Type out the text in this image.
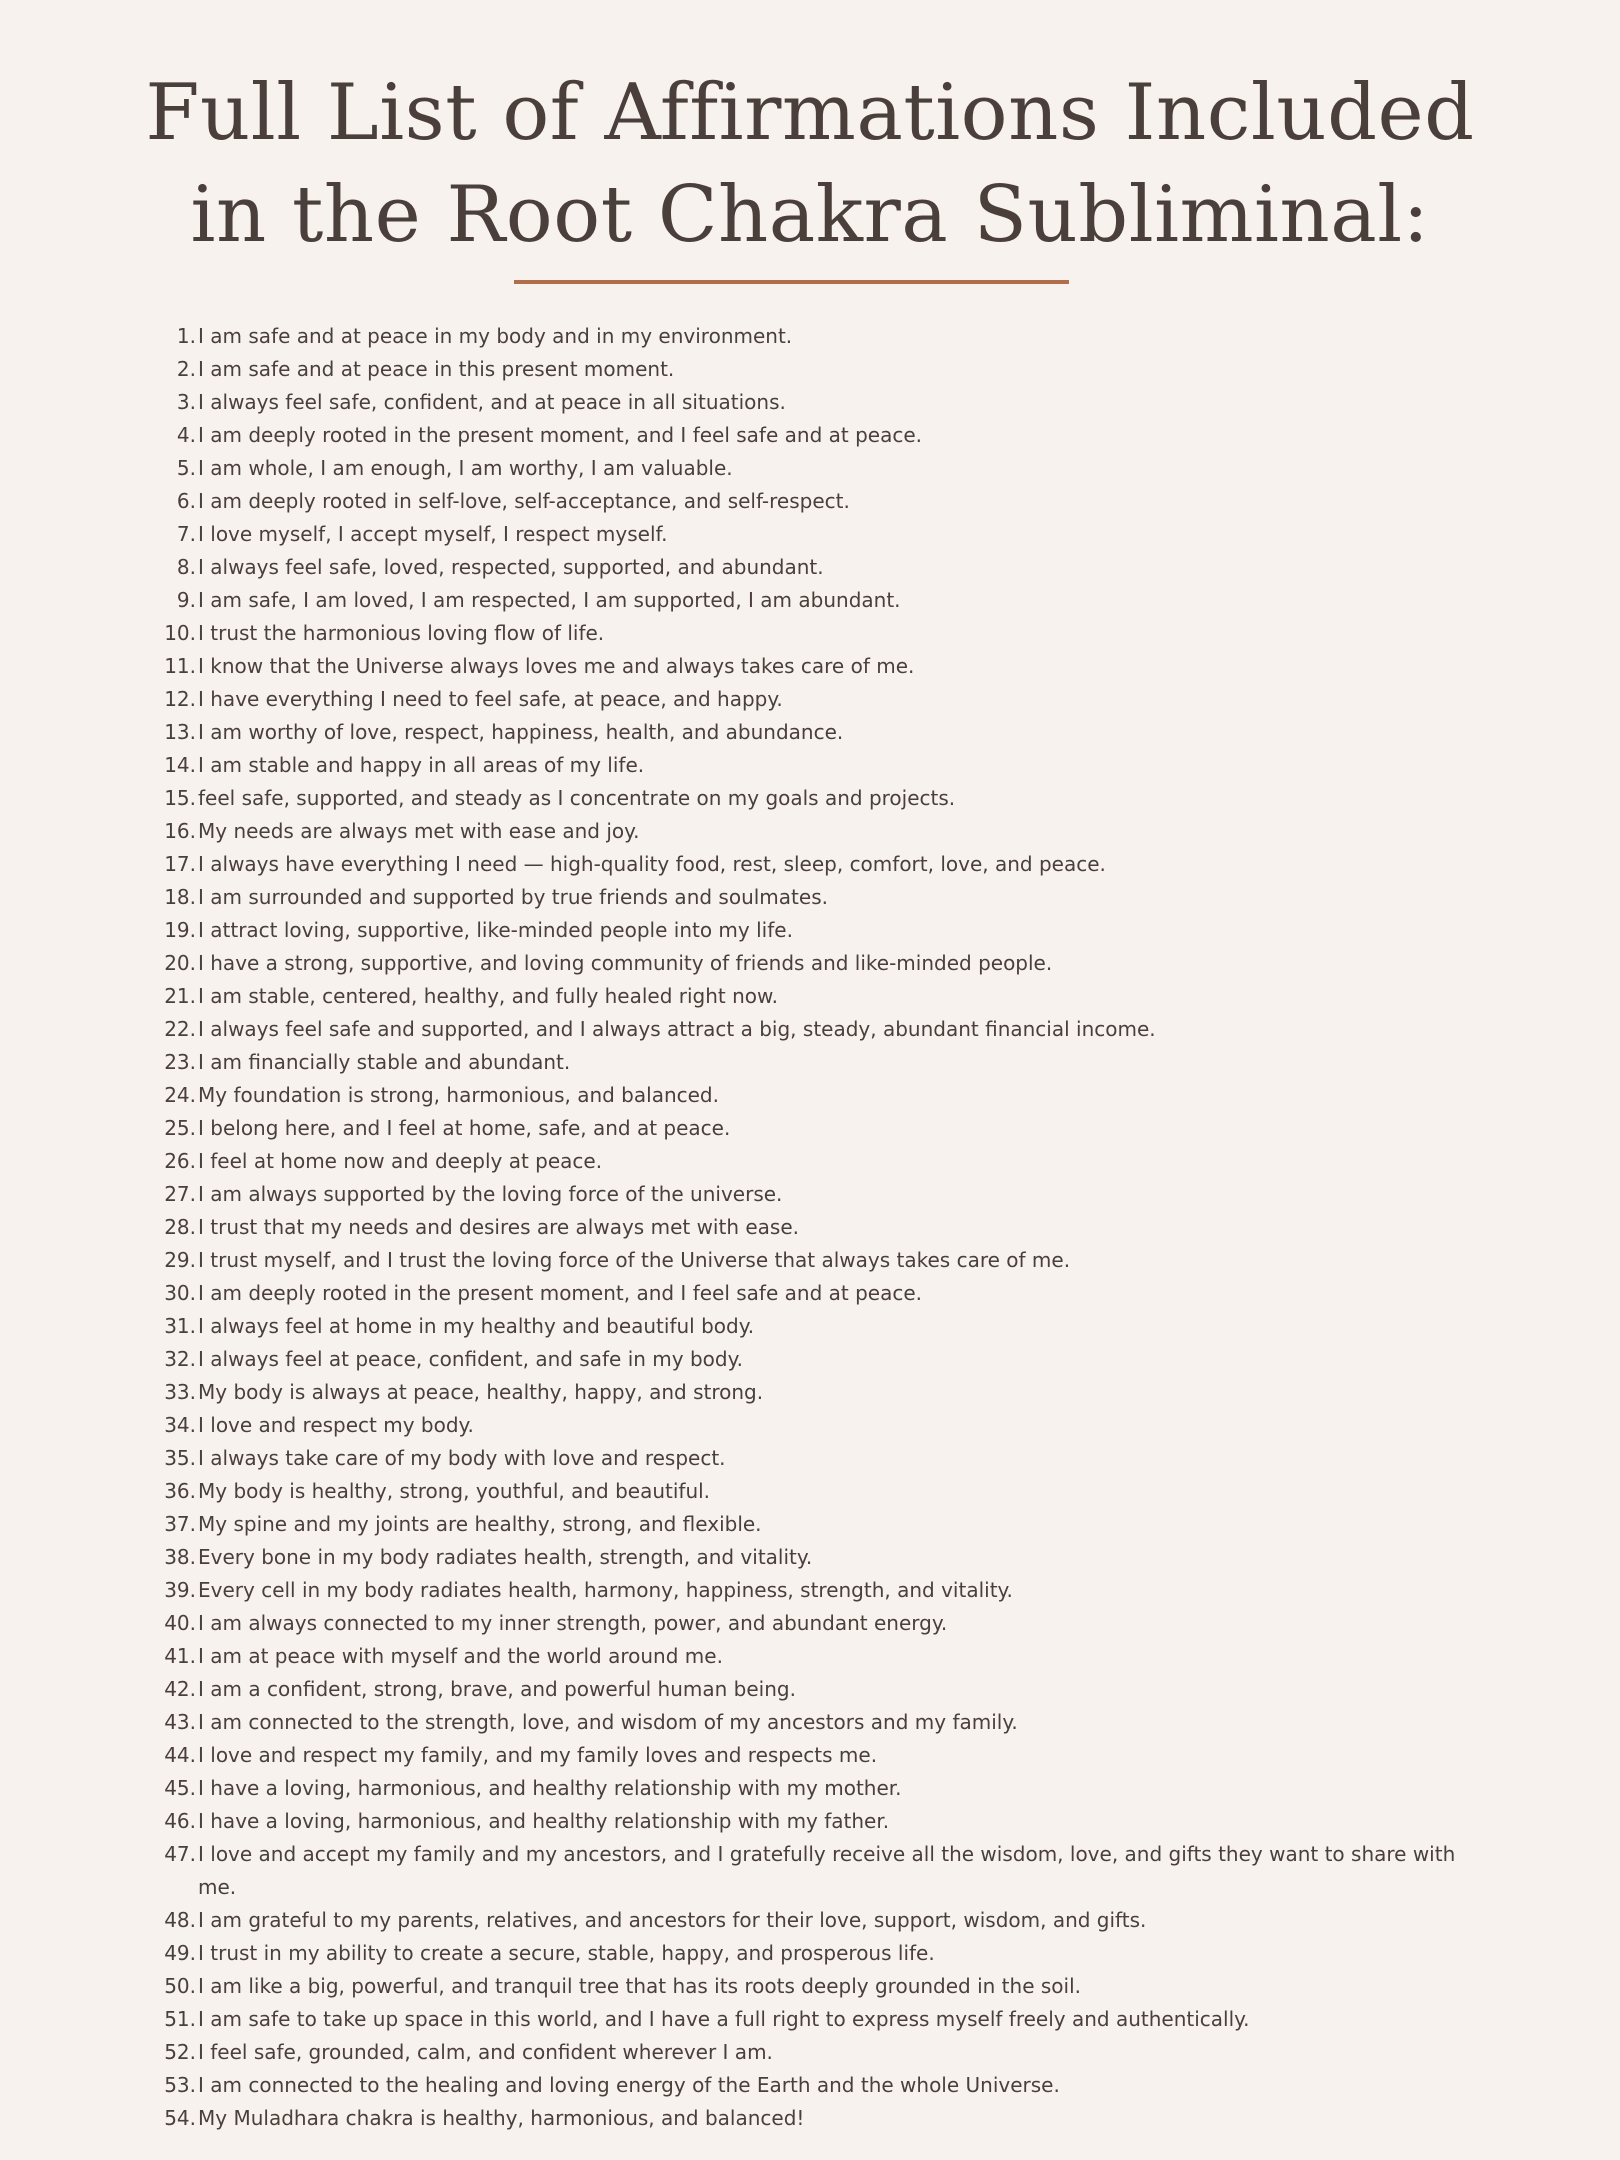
Full List of Affirmations Included
in the Root Chakra Subliminal:
1. I am safe and at peace in my body and in my environment.
2. I am safe and at peace in this present moment.
3. I always feel safe, confident, and at peace in all situations.
4. I am deeply rooted in the present moment, and I feel safe and at peace.
5. I am whole, I am enough, I am worthy, I am valuable.
6. I am deeply rooted in self-love, self-acceptance, and self-respect.
7. I love myself, I accept myself, I respect myself.
8. I always feel safe, loved, respected, supported, and abundant.
9. I am safe, I am loved, I am respected, I am supported, I am abundant.
10. I trust the harmonious loving flow of life.
11. I know that the Universe always loves me and always takes care of me.
12. I have everything I need to feel safe, at peace, and happy.
13. I am worthy of love, respect, happiness, health, and abundance.
14. I am stable and happy in all areas of my life.
15. feel safe, supported, and steady as I concentrate on my goals and projects.
16. My needs are always met with ease and joy.
17. I always have everything I need — high-quality food, rest, sleep, comfort, love, and peace.
18. I am surrounded and supported by true friends and soulmates.
19. I attract loving, supportive, like-minded people into my life.
20. I have a strong, supportive, and loving community of friends and like-minded people.
21. I am stable, centered, healthy, and fully healed right now.
22. I always feel safe and supported, and I always attract a big, steady, abundant financial income.
23. I am financially stable and abundant.
24. My foundation is strong, harmonious, and balanced.
25. I belong here, and I feel at home, safe, and at peace.
26. I feel at home now and deeply at peace.
27. I am always supported by the loving force of the universe.
28. I trust that my needs and desires are always met with ease.
29. I trust myself, and I trust the loving force of the Universe that always takes care of me.
30. I am deeply rooted in the present moment, and I feel safe and at peace.
31. I always feel at home in my healthy and beautiful body.
32. I always feel at peace, confident, and safe in my body.
33. My body is always at peace, healthy, happy, and strong.
34. I love and respect my body.
35. I always take care of my body with love and respect.
36. My body is healthy, strong, youthful, and beautiful.
37. My spine and my joints are healthy, strong, and flexible.
38. Every bone in my body radiates health, strength, and vitality.
39. Every cell in my body radiates health, harmony, happiness, strength, and vitality.
40. I am always connected to my inner strength, power, and abundant energy.
41. I am at peace with myself and the world around me.
42. I am a confident, strong, brave, and powerful human being.
43. I am connected to the strength, love, and wisdom of my ancestors and my family.
44. I love and respect my family, and my family loves and respects me.
45. I have a loving, harmonious, and healthy relationship with my mother.
46. I have a loving, harmonious, and healthy relationship with my father.
47. I love and accept my family and my ancestors, and I gratefully receive all the wisdom, love, and gifts they want to share with me.
48. I am grateful to my parents, relatives, and ancestors for their love, support, wisdom, and gifts.
49. I trust in my ability to create a secure, stable, happy, and prosperous life.
50. I am like a big, powerful, and tranquil tree that has its roots deeply grounded in the soil.
51. I am safe to take up space in this world, and I have a full right to express myself freely and authentically.
52. I feel safe, grounded, calm, and confident wherever I am.
53. I am connected to the healing and loving energy of the Earth and the whole Universe.
54. My Muladhara chakra is healthy, harmonious, and balanced!
